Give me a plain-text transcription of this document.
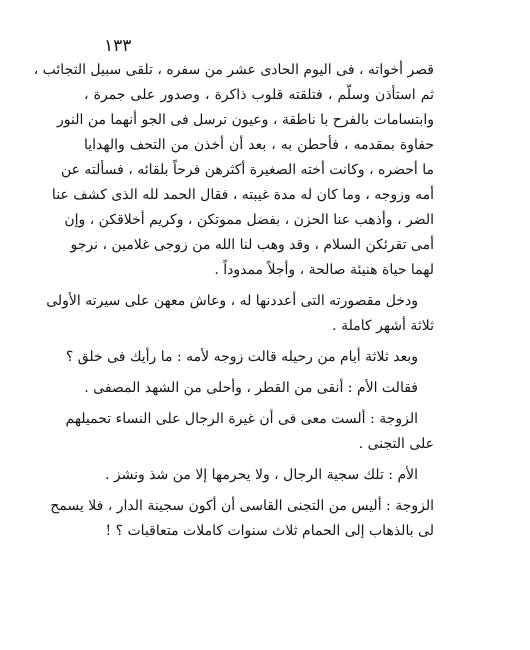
١٣٣
قصر أخواته ، فى اليوم الحادى عشر من سفره ، تلقى سبيل التجائب ،
ثم استأذن وسلّم ، فتلقته قلوب ذاكرة ، وصدور على جمرة ،
وابتسامات بالفرح با ناطقة ، وعيون ترسل فى الجو أنهما من النور
حفاوة بمقدمه ، فأحطن به ، بعد أن أخذن من التحف والهدايا
ما أحضره ، وكانت أخته الصغيرة أكثرهن فرحاً بلقائه ، فسألته عن
أمه وزوجه ، وما كان له مدة غيبته ، فقال الحمد لله الذى كشف عنا
الضر ، وأذهب عنا الحزن ، بفضل مموتكن ، وكريم أخلاقكن ، وإن
أمى تقرئكن السلام ، وقد وهب لنا الله من زوجى غلامين ، نرجو
لهما حياة هنيئة صالحة ، وأجلاً ممدوداً .
ودخل مقصورته التى أعددنها له ، وعاش معهن على سيرته الأولى
ثلاثة أشهر كاملة .
وبعد ثلاثة أيام من رحيله قالت زوجه لأمه : ما رأيك فى خلق ؟
فقالت الأم : أنقى من القطر ، وأحلى من الشهد المصفى .
الزوجة : ألست معى فى أن غيرة الرجال على النساء تحميلهم
على التجنى .
الأم : تلك سجية الرجال ، ولا يحرمها إلا من شذ ونشز .
الزوجة : أليس من التجنى القاسى أن أكون سجينة الدار ، فلا يسمح
لى بالذهاب إلى الحمام ثلاث سنوات كاملات متعاقبات ؟ !
